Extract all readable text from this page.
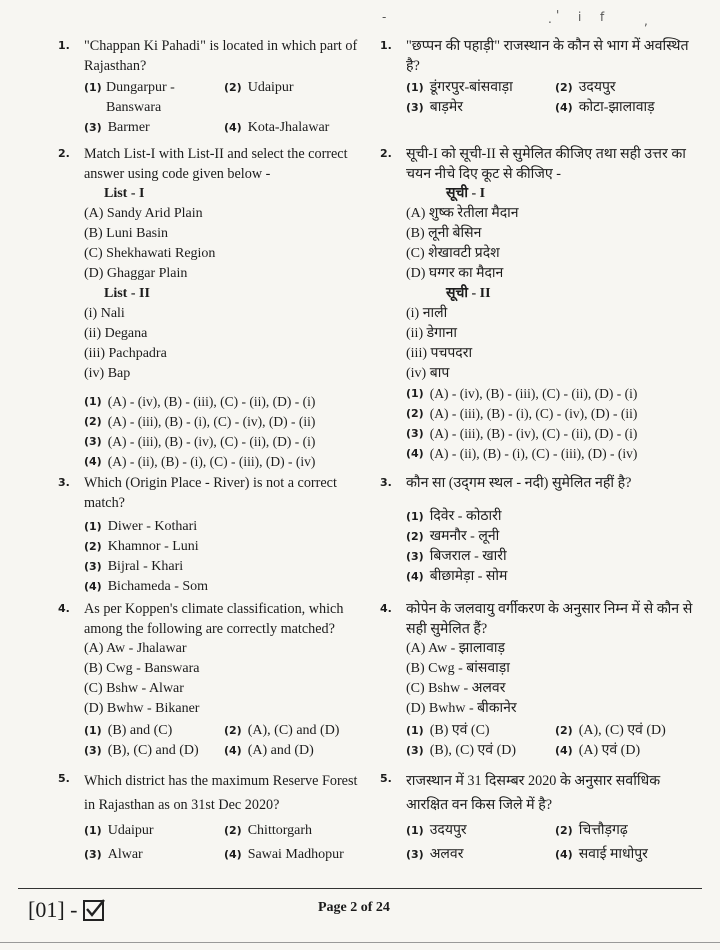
-	. ' i f	,
1. "Chappan Ki Pahadi" is located in which part of Rajasthan?

(1) Dungarpur - Banswara
(2) Udaipur
(3) Barmer	(4) Kota-Jhalawar
2. Match List-I with List-II and select the correct answer using code given below -

List - I
(A) Sandy Arid Plain
(B) Luni Basin
(C) Shekhawati Region
(D) Ghaggar Plain
List - II
(i) Nali
(ii) Degana
(iii) Pachpadra
(iv) Bap
(1) (A) - (iv), (B) - (iii), (C) - (ii), (D) - (i)
(2) (A) - (iii), (B) - (i), (C) - (iv), (D) - (ii)
(3) (A) - (iii), (B) - (iv), (C) - (ii), (D) - (i)
(4) (A) - (ii), (B) - (i), (C) - (iii), (D) - (iv)
3. Which (Origin Place - River) is not a correct match?

(1) Diwer - Kothari
(2) Khamnor - Luni
(3) Bijral - Khari
(4) Bichameda - Som
4. As per Koppen's climate classification, which among the following are correctly matched?

(A) Aw - Jhalawar
(B) Cwg - Banswara
(C) Bshw - Alwar
(D) Bwhw - Bikaner
(1) (B) and (C)	(2) (A), (C) and (D)
(3) (B), (C) and (D) (4) (A) and (D)
5. Which district has the maximum Reserve Forest in Rajasthan as on 31st Dec 2020?

(1) Udaipur	(2) Chittorgarh
(3) Alwar	(4) Sawai Madhopur
1. "छप्पन की पहाड़ी" राजस्थान के कौन से भाग में अवस्थित है?

(1) डूंगरपुर-बांसवाड़ा	(2) उदयपुर
(3) बाड़मेर	(4) कोटा-झालावाड़
2. सूची-I को सूची-II से सुमेलित कीजिए तथा सही उत्तर का चयन नीचे दिए कूट से कीजिए -

सूची - I
(A) शुष्क रेतीला मैदान
(B) लूनी बेसिन
(C) शेखावटी प्रदेश
(D) घग्गर का मैदान
सूची - II
(i) नाली
(ii) डेगाना
(iii) पचपदरा
(iv) बाप
(1) (A) - (iv), (B) - (iii), (C) - (ii), (D) - (i)
(2) (A) - (iii), (B) - (i), (C) - (iv), (D) - (ii)
(3) (A) - (iii), (B) - (iv), (C) - (ii), (D) - (i)
(4) (A) - (ii), (B) - (i), (C) - (iii), (D) - (iv)
3. कौन सा (उद्‌गम स्थल - नदी) सुमेलित नहीं है?

(1) दिवेर - कोठारी
(2) खमनौर - लूनी
(3) बिजराल - खारी
(4) बीछामेड़ा - सोम
4. कोपेन के जलवायु वर्गीकरण के अनुसार निम्न में से कौन से सही सुमेलित हैं?

(A) Aw - झालावाड़
(B) Cwg - बांसवाड़ा
(C) Bshw - अलवर
(D) Bwhw - बीकानेर
(1) (B) एवं (C)	(2) (A), (C) एवं (D)
(3) (B), (C) एवं (D)	(4) (A) एवं (D)
5. राजस्थान में 31 दिसम्बर 2020 के अनुसार सर्वाधिक आरक्षित वन किस जिले में है?

(1) उदयपुर	(2) चित्तौड़गढ़
(3) अलवर	(4) सवाई माधोपुर
[01] -	Page 2 of 24
